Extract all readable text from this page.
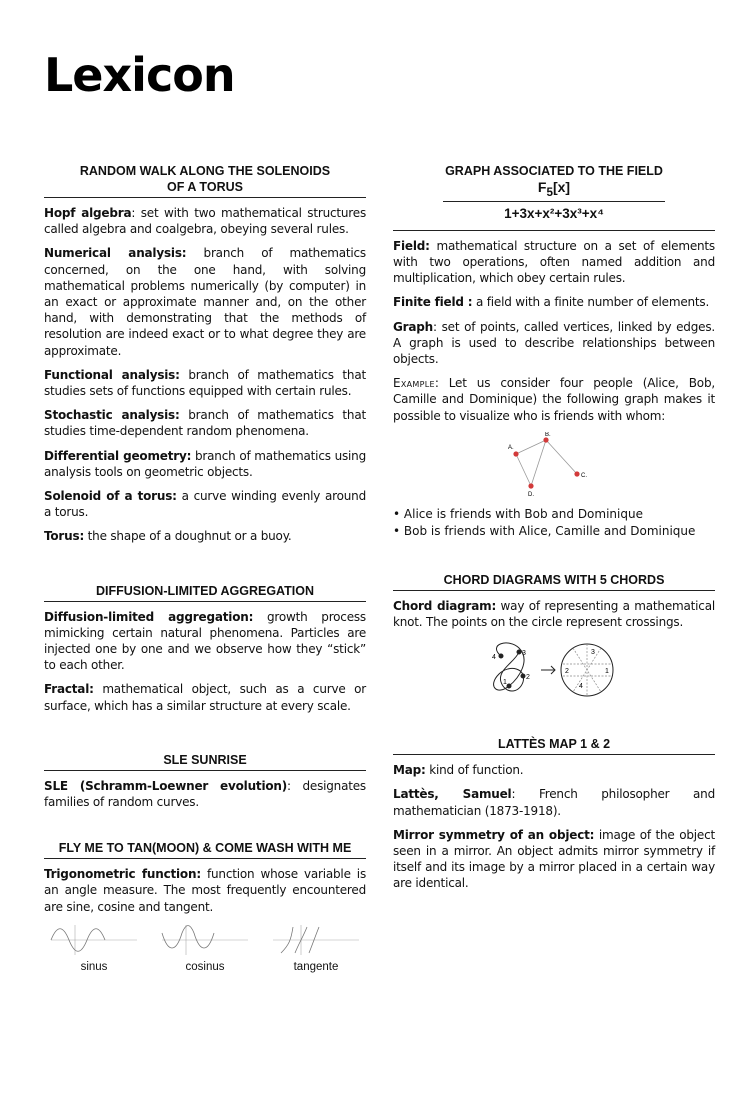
Lexicon
RANDOM WALK ALONG THE SOLENOIDS
OF A TORUS

Hopf algebra: set with two mathematical structures called algebra and coalgebra, obeying several rules.

Numerical analysis: branch of mathematics concerned, on the one hand, with solving mathematical problems numerically (by computer) in an exact or approximate manner and, on the other hand, with demonstrating that the methods of resolution are indeed exact or to what degree they are approximate.

Functional analysis: branch of mathematics that studies sets of functions equipped with certain rules.

Stochastic analysis: branch of mathematics that studies time-dependent random phenomena.

Differential geometry: branch of mathematics using analysis tools on geometric objects.

Solenoid of a torus: a curve winding evenly around a torus.

Torus: the shape of a doughnut or a buoy.

DIFFUSION-LIMITED AGGREGATION

Diffusion-limited aggregation: growth process mimicking certain natural phenomena. Particles are injected one by one and we observe how they “stick” to each other.

Fractal: mathematical object, such as a curve or surface, which has a similar structure at every scale.

SLE SUNRISE

SLE (Schramm-Loewner evolution): designates families of random curves.

FLY ME TO TAN(MOON) & COME WASH WITH ME

Trigonometric function: function whose variable is an angle measure. The most frequently encountered are sine, cosine and tangent.

sinus	cosinus	tangente
GRAPH ASSOCIATED TO THE FIELD
$F_5[x]$
1+3x+x²+3x³+x⁴

Field: mathematical structure on a set of elements with two operations, often named addition and multiplication, which obey certain rules.

Finite field : a field with a finite number of elements.

Graph: set of points, called vertices, linked by edges. A graph is used to describe relationships between objects.

Example: Let us consider four people (Alice, Bob, Camille and Dominique) the following graph makes it possible to visualize who is friends with whom:

A.
B.
C.
D.
• Alice is friends with Bob and Dominique
• Bob is friends with Alice, Camille and Dominique
CHORD DIAGRAMS WITH 5 CHORDS

Chord diagram: way of representing a mathematical knot. The points on the circle represent crossings.

4
3
2
1
3
2	1
4
LATTÈS MAP 1 & 2

Map: kind of function.

Lattès, Samuel: French philosopher and mathematician (1873-1918).

Mirror symmetry of an object: image of the object seen in a mirror. An object admits mirror symmetry if itself and its image by a mirror placed in a certain way are identical.
